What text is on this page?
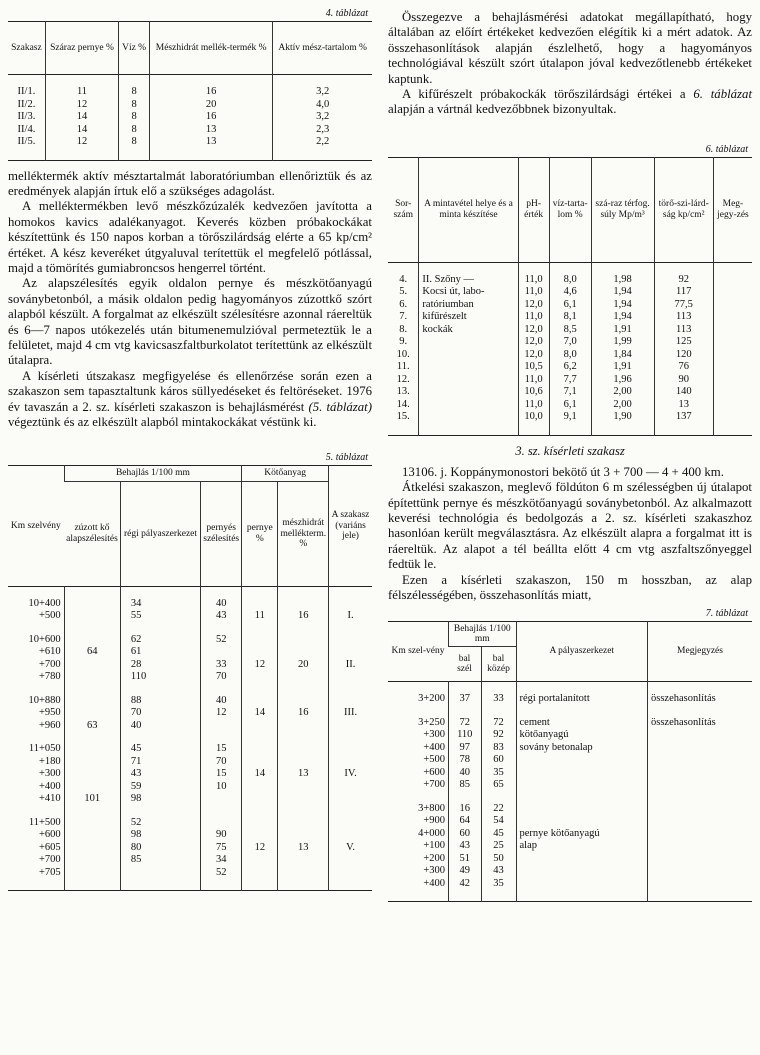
4. táblázat
Szakasz	Száraz pernye %	Víz %	Mészhidrát mellék-termék %	Aktív mész-tartalom %

II/1.	11	8	16	3,2
II/2.	12	8	20	4,0
II/3.	14	8	16	3,2
II/4.	14	8	13	2,3
II/5.	12	8	13	2,2

melléktermék aktív mésztartalmát laboratóriumban ellenőriztük és az eredmények alapján írtuk elő a szükséges adagolást.

A melléktermékben levő mészkőzúzalék kedvezően javította a homokos kavics adalékanyagot. Keverés közben próbakockákat készítettünk és 150 napos korban a törőszilárdság elérte a 65 kp/cm² értéket. A kész keveréket útgyaluval terítettük el megfelelő pótlással, majd a tömörítés gumiabroncsos hengerrel történt.

Az alapszélesítés egyik oldalon pernye és mészkötőanyagú soványbetonból, a másik oldalon pedig hagyományos zúzottkő szórt alapból készült. A forgalmat az elkészült szélesítésre azonnal ráereltük és 6—7 napos utókezelés után bitumenemulzióval permeteztük le a felületet, majd 4 cm vtg kavicsaszfaltburkolatot terítettünk az elkészült útalapra.

A kísérleti útszakasz megfigyelése és ellenőrzése során ezen a szakaszon sem tapasztaltunk káros süllyedéseket és feltöréseket. 1976 év tavaszán a 2. sz. kísérleti szakaszon is behajlásmérést (5. táblázat) végeztünk és az elkészült alapból mintakockákat véstünk ki.

5. táblázat
Km szelvény	Behajlás 1/100 mm			Kötőanyag		A szakasz (variáns jele)
	zúzott kő alapszélesítés	régi pályaszerkezet	pernyés szélesítés	pernye %	mészhidrát mellékterm. %	

10+400		34	40			
+500		55	43	11	16	I.

10+600		62	52			
+610	64	61				
+700		28	33	12	20	II.
+780		110	70			

10+880		88	40			
+950		70	12	14	16	III.
+960	63	40				

11+050		45	15			
+180		71	70			
+300		43	15	14	13	IV.
+400		59	10			
+410	101	98				

11+500		52				
+600		98	90			
+605		80	75	12	13	V.
+700		85	34			
+705			52			

Összegezve a behajlásmérési adatokat megállapítható, hogy általában az előírt értékeket kedvezően elégítik ki a mért adatok. Az összehasonlítások alapján észlelhető, hogy a hagyományos technológiával készült szórt útalapon jóval kedvezőtlenebb értékeket kaptunk.

A kifűrészelt próbakockák törőszilárdsági értékei a 6. táblázat alapján a vártnál kedvezőbbnek bizonyultak.

6. táblázat
Sor-szám	A mintavétel helye és a minta készítése	pH-érték	víz-tarta-lom %	szá-raz térfog. súly Mp/m³	törő-szi-lárd-ság kp/cm²	Meg-jegy-zés

4.	II. Szőny —	11,0	8,0	1,98	92	
5.	Kocsi út, labo-	11,0	4,6	1,94	117	
6.	ratóriumban	12,0	6,1	1,94	77,5	
7.	kifűrészelt	11,0	8,1	1,94	113	
8.	kockák	12,0	8,5	1,91	113	
9.		12,0	7,0	1,99	125	
10.		12,0	8,0	1,84	120	
11.		10,5	6,2	1,91	76	
12.		11,0	7,7	1,96	90	
13.		10,6	7,1	2,00	140	
14.		11,0	6,1	2,00	13	
15.		10,0	9,1	1,90	137	

3. sz. kísérleti szakasz

13106. j. Koppánymonostori bekötő út 3 + 700 — 4 + 400 km.

Átkelési szakaszon, meglevő földúton 6 m szélességben új útalapot építettünk pernye és mészkötőanyagú soványbetonból. Az alkalmazott keverési technológia és bedolgozás a 2. sz. kísérleti szakaszhoz hasonlóan került megválasztásra. Az elkészült alapra a forgalmat itt is ráereltük. Az alapot a tél beállta előtt 4 cm vtg aszfaltszőnyeggel fedtük le.

Ezen a kísérleti szakaszon, 150 m hosszban, az alap félszélességében, összehasonlítás miatt,

7. táblázat
Km szel-vény	Behajlás 1/100 mm		A pályaszerkezet	Megjegyzés
	bal szél	bal közép		

3+200	37	33	régi portalanított	összehasonlítás

3+250	72	72	cement	összehasonlítás
+300	110	92	kötőanyagú	
+400	97	83	sovány betonalap	
+500	78	60		
+600	40	35		
+700	85	65		

3+800	16	22		
+900	64	54		
4+000	60	45	pernye kötőanyagú	
+100	43	25	alap	
+200	51	50		
+300	49	43		
+400	42	35		
